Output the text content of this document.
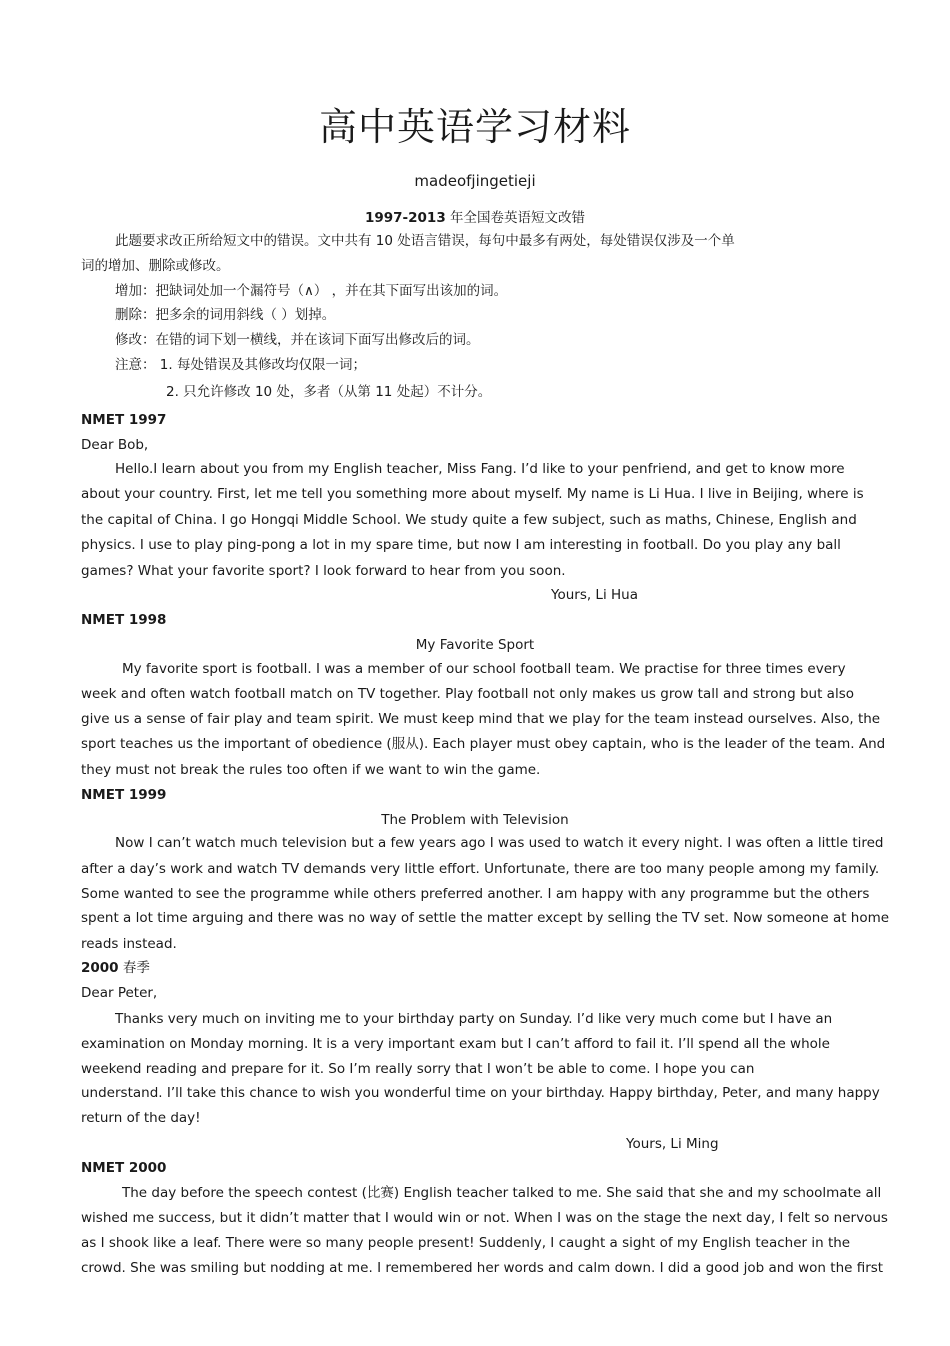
高中英语学习材料
madeofjingetieji
1997-2013 年全国卷英语短文改错
此题要求改正所给短文中的错误。文中共有 10 处语言错误，每句中最多有两处，每处错误仅涉及一个单
词的增加、删除或修改。
增加：把缺词处加一个漏符号（∧） ，并在其下面写出该加的词。
删除：把多余的词用斜线（ ）划掉。
修改：在错的词下划一横线，并在该词下面写出修改后的词。
注意： 1. 每处错误及其修改均仅限一词；
2. 只允许修改 10 处，多者（从第 11 处起）不计分。
NMET 1997
Dear Bob,
Hello.I learn about you from my English teacher, Miss Fang. I’d like to your penfriend, and get to know more
about your country. First, let me tell you something more about myself. My name is Li Hua. I live in Beijing, where is
the capital of China. I go Hongqi Middle School. We study quite a few subject, such as maths, Chinese, English and
physics. I use to play ping-pong a lot in my spare time, but now I am interesting in football. Do you play any ball
games? What your favorite sport? I look forward to hear from you soon.
Yours, Li Hua
NMET 1998
My Favorite Sport
My favorite sport is football. I was a member of our school football team. We practise for three times every
week and often watch football match on TV together. Play football not only makes us grow tall and strong but also
give us a sense of fair play and team spirit. We must keep mind that we play for the team instead ourselves. Also, the
sport teaches us the important of obedience (服从). Each player must obey captain, who is the leader of the team. And
they must not break the rules too often if we want to win the game.
NMET 1999
The Problem with Television
Now I can’t watch much television but a few years ago I was used to watch it every night. I was often a little tired
after a day’s work and watch TV demands very little effort. Unfortunate, there are too many people among my family.
Some wanted to see the programme while others preferred another. I am happy with any programme but the others
spent a lot time arguing and there was no way of settle the matter except by selling the TV set. Now someone at home
reads instead.
2000 春季
Dear Peter,
Thanks very much on inviting me to your birthday party on Sunday. I’d like very much come but I have an
examination on Monday morning. It is a very important exam but I can’t afford to fail it. I’ll spend all the whole
weekend reading and prepare for it. So I’m really sorry that I won’t be able to come. I hope you can
understand. I’ll take this chance to wish you wonderful time on your birthday. Happy birthday, Peter, and many happy
return of the day!
Yours, Li Ming
NMET 2000
The day before the speech contest (比赛) English teacher talked to me. She said that she and my schoolmate all
wished me success, but it didn’t matter that I would win or not. When I was on the stage the next day, I felt so nervous
as I shook like a leaf. There were so many people present! Suddenly, I caught a sight of my English teacher in the
crowd. She was smiling but nodding at me. I remembered her words and calm down. I did a good job and won the first
